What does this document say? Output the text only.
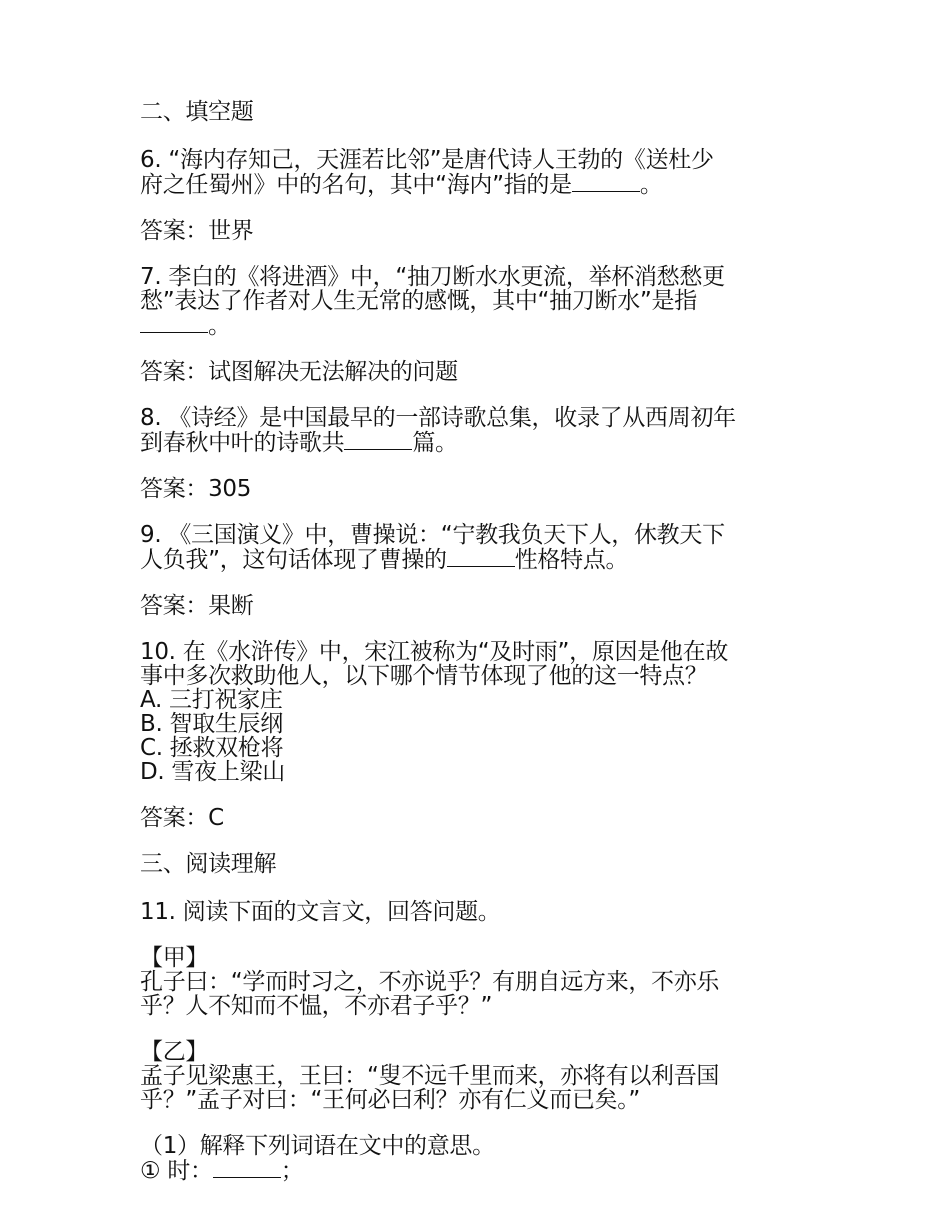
二、填空题

6. “海内存知己，天涯若比邻”是唐代诗人王勃的《送杜少

府之任蜀州》中的名句，其中“海内”指的是	。

答案：世界

7. 李白的《将进酒》中，“抽刀断水水更流，举杯消愁愁更

愁”表达了作者对人生无常的感慨，其中“抽刀断水”是指

。

答案：试图解决无法解决的问题

8. 《诗经》是中国最早的一部诗歌总集，收录了从西周初年

到春秋中叶的诗歌共	篇。

答案：305

9. 《三国演义》中，曹操说：“宁教我负天下人，休教天下

人负我”，这句话体现了曹操的	性格特点。

答案：果断

10. 在《水浒传》中，宋江被称为“及时雨”，原因是他在故

事中多次救助他人，以下哪个情节体现了他的这一特点？

A. 三打祝家庄

B. 智取生辰纲

C. 拯救双枪将

D. 雪夜上梁山

答案：C

三、阅读理解

11. 阅读下面的文言文，回答问题。

【甲】

孔子曰：“学而时习之，不亦说乎？有朋自远方来，不亦乐

乎？人不知而不愠，不亦君子乎？”

【乙】

孟子见梁惠王，王曰：“叟不远千里而来，亦将有以利吾国

乎？”孟子对曰：“王何必曰利？亦有仁义而已矣。”

（1）解释下列词语在文中的意思。

① 时：	；
